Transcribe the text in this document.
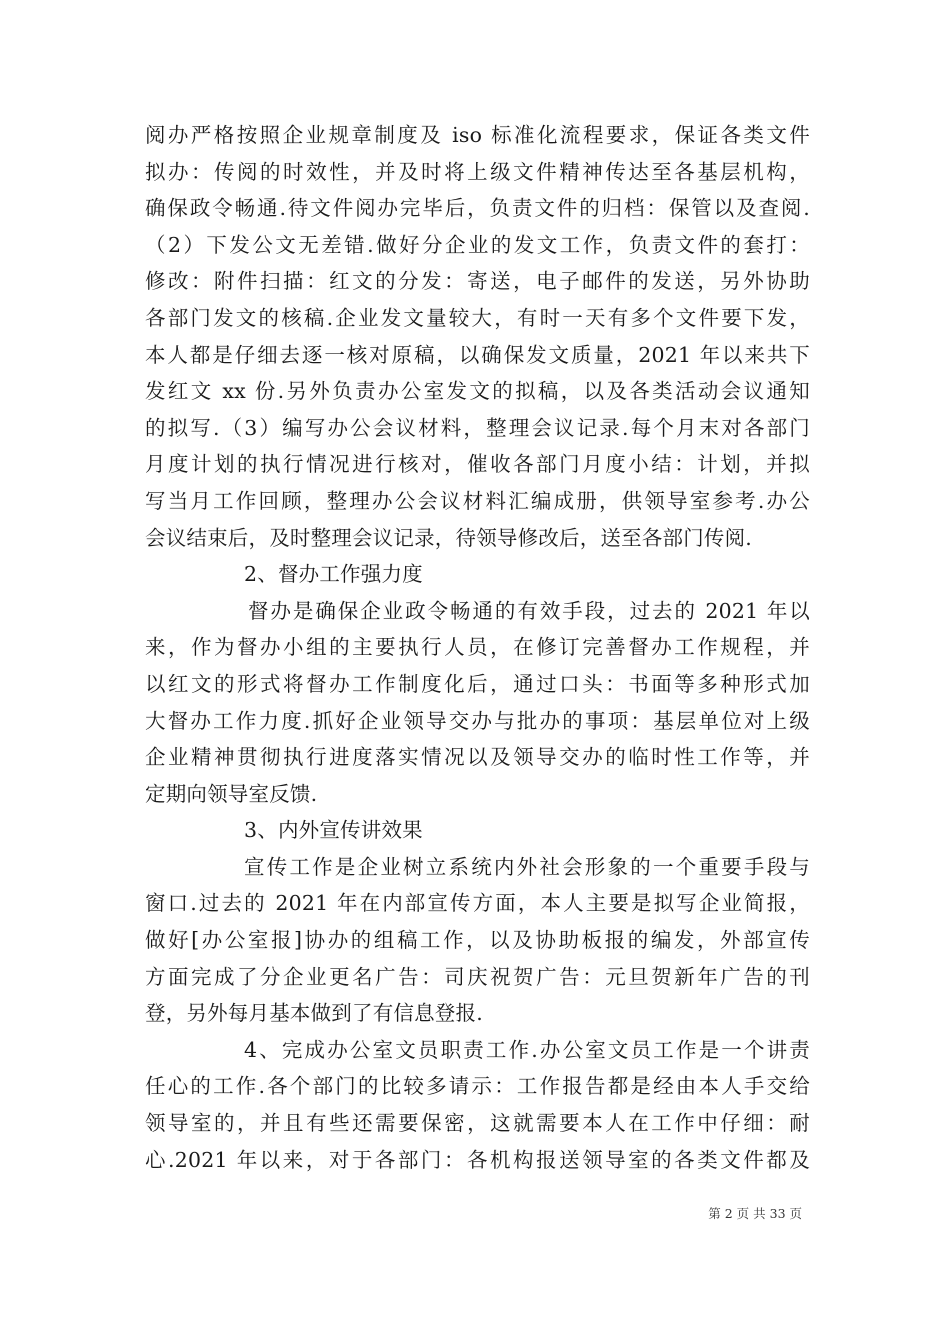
阅办严格按照企业规章制度及 iso 标准化流程要求，保证各类文件
拟办：传阅的时效性，并及时将上级文件精神传达至各基层机构，
确保政令畅通.待文件阅办完毕后，负责文件的归档：保管以及查阅.
（2）下发公文无差错.做好分企业的发文工作，负责文件的套打：
修改：附件扫描：红文的分发：寄送，电子邮件的发送，另外协助
各部门发文的核稿.企业发文量较大，有时一天有多个文件要下发，
本人都是仔细去逐一核对原稿，以确保发文质量，2021 年以来共下
发红文 xx 份.另外负责办公室发文的拟稿，以及各类活动会议通知
的拟写.（3）编写办公会议材料，整理会议记录.每个月末对各部门
月度计划的执行情况进行核对，催收各部门月度小结：计划，并拟
写当月工作回顾，整理办公会议材料汇编成册，供领导室参考.办公
会议结束后，及时整理会议记录，待领导修改后，送至各部门传阅.
2、督办工作强力度
督办是确保企业政令畅通的有效手段，过去的 2021 年以
来，作为督办小组的主要执行人员，在修订完善督办工作规程，并
以红文的形式将督办工作制度化后，通过口头：书面等多种形式加
大督办工作力度.抓好企业领导交办与批办的事项：基层单位对上级
企业精神贯彻执行进度落实情况以及领导交办的临时性工作等，并
定期向领导室反馈.
3、内外宣传讲效果
宣传工作是企业树立系统内外社会形象的一个重要手段与
窗口.过去的 2021 年在内部宣传方面，本人主要是拟写企业简报，
做好[办公室报]协办的组稿工作，以及协助板报的编发，外部宣传
方面完成了分企业更名广告：司庆祝贺广告：元旦贺新年广告的刊
登，另外每月基本做到了有信息登报.
4、完成办公室文员职责工作.办公室文员工作是一个讲责
任心的工作.各个部门的比较多请示：工作报告都是经由本人手交给
领导室的，并且有些还需要保密，这就需要本人在工作中仔细：耐
心.2021 年以来，对于各部门：各机构报送领导室的各类文件都及
第 2 页 共 33 页
